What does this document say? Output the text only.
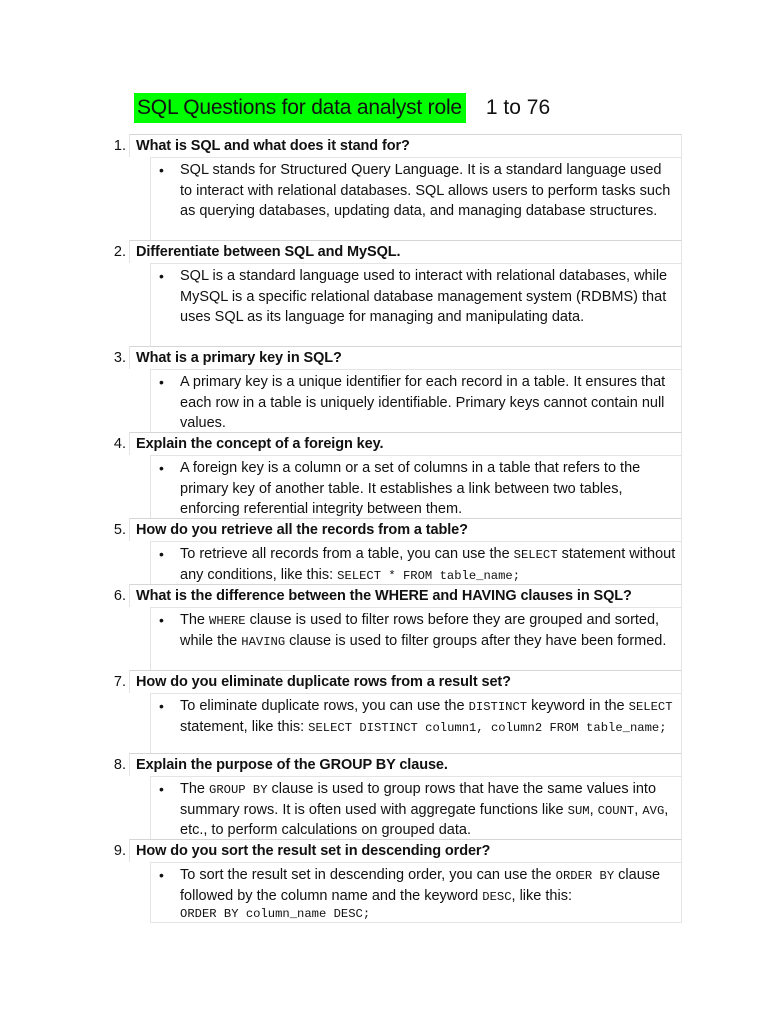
SQL Questions for data analyst role 1 to 76
1. What is SQL and what does it stand for?
• SQL stands for Structured Query Language. It is a standard language used to interact with relational databases. SQL allows users to perform tasks such as querying databases, updating data, and managing database structures.
2. Differentiate between SQL and MySQL.
• SQL is a standard language used to interact with relational databases, while MySQL is a specific relational database management system (RDBMS) that uses SQL as its language for managing and manipulating data.
3. What is a primary key in SQL?
• A primary key is a unique identifier for each record in a table. It ensures that each row in a table is uniquely identifiable. Primary keys cannot contain null values.
4. Explain the concept of a foreign key.
• A foreign key is a column or a set of columns in a table that refers to the primary key of another table. It establishes a link between two tables, enforcing referential integrity between them.
5. How do you retrieve all the records from a table?
• To retrieve all records from a table, you can use the SELECT statement without any conditions, like this: SELECT * FROM table_name;
6. What is the difference between the WHERE and HAVING clauses in SQL?
• The WHERE clause is used to filter rows before they are grouped and sorted, while the HAVING clause is used to filter groups after they have been formed.
7. How do you eliminate duplicate rows from a result set?
• To eliminate duplicate rows, you can use the DISTINCT keyword in the SELECT statement, like this: SELECT DISTINCT column1, column2 FROM table_name;
8. Explain the purpose of the GROUP BY clause.
• The GROUP BY clause is used to group rows that have the same values into summary rows. It is often used with aggregate functions like SUM, COUNT, AVG, etc., to perform calculations on grouped data.
9. How do you sort the result set in descending order?
• To sort the result set in descending order, you can use the ORDER BY clause followed by the column name and the keyword DESC, like this:
ORDER BY column_name DESC;
